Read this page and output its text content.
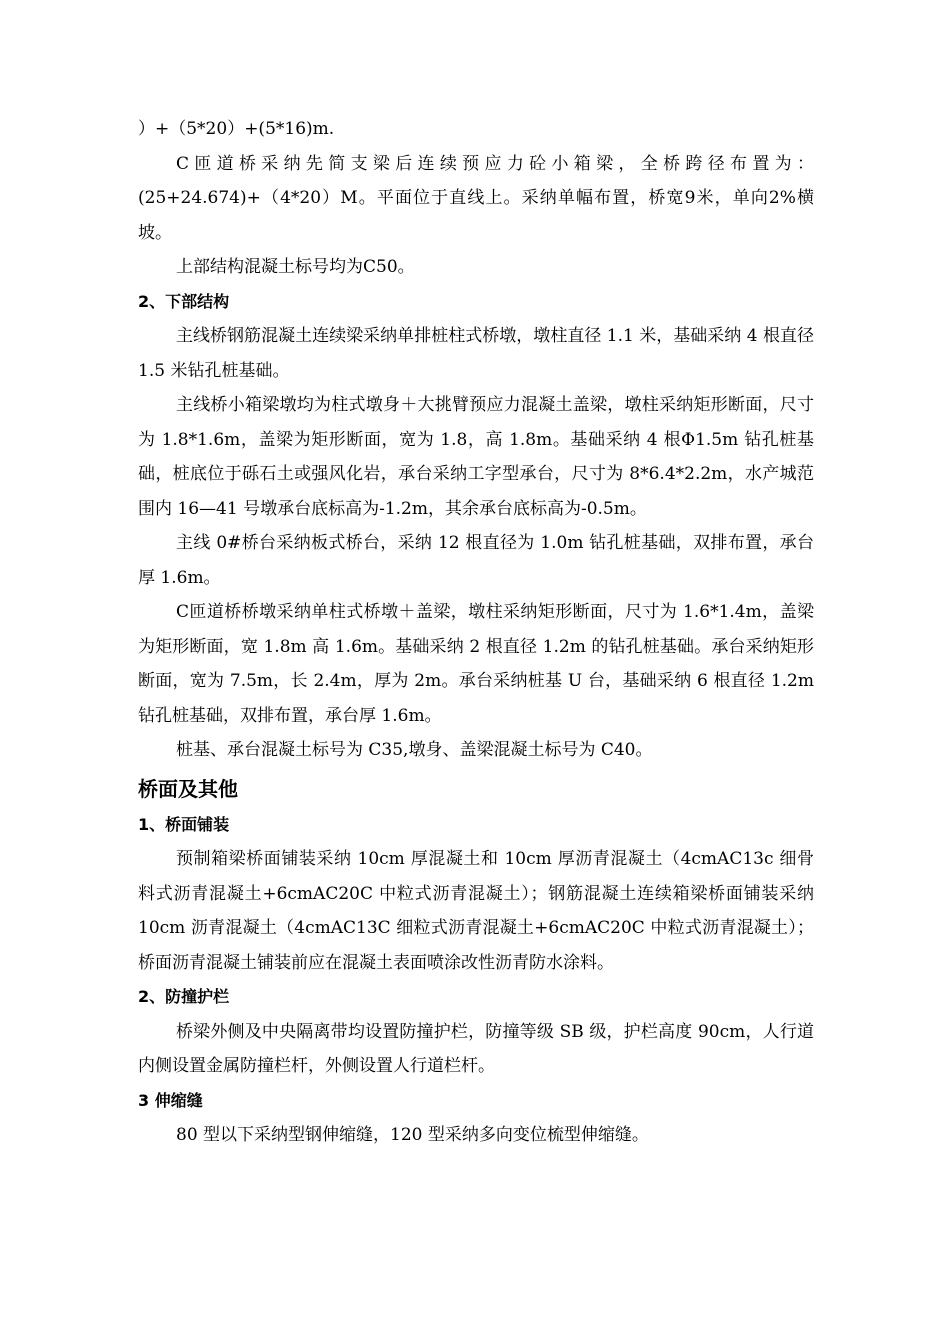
）+（5*20）+(5*16)m.
C匝道桥采纳先简支梁后连续预应力砼小箱梁，全桥跨径布置为：(25+24.674)+（4*20）M。平面位于直线上。采纳单幅布置，桥宽9米，单向2%横坡。
上部结构混凝土标号均为C50。
2、下部结构
主线桥钢筋混凝土连续梁采纳单排桩柱式桥墩，墩柱直径 1.1 米，基础采纳 4 根直径 1.5 米钻孔桩基础。
主线桥小箱梁墩均为柱式墩身＋大挑臂预应力混凝土盖梁，墩柱采纳矩形断面，尺寸为 1.8*1.6m，盖梁为矩形断面，宽为 1.8，高 1.8m。基础采纳 4 根Φ1.5m 钻孔桩基础，桩底位于砾石土或强风化岩，承台采纳工字型承台，尺寸为 8*6.4*2.2m，水产城范围内 16—41 号墩承台底标高为-1.2m，其余承台底标高为-0.5m。
主线 0#桥台采纳板式桥台，采纳 12 根直径为 1.0m 钻孔桩基础，双排布置，承台厚 1.6m。
C匝道桥桥墩采纳单柱式桥墩＋盖梁，墩柱采纳矩形断面，尺寸为 1.6*1.4m，盖梁为矩形断面，宽 1.8m 高 1.6m。基础采纳 2 根直径 1.2m 的钻孔桩基础。承台采纳矩形断面，宽为 7.5m，长 2.4m，厚为 2m。承台采纳桩基 U 台，基础采纳 6 根直径 1.2m 钻孔桩基础，双排布置，承台厚 1.6m。
桩基、承台混凝土标号为 C35,墩身、盖梁混凝土标号为 C40。
桥面及其他
1、桥面铺装
预制箱梁桥面铺装采纳 10cm 厚混凝土和 10cm 厚沥青混凝土（4cmAC13c 细骨料式沥青混凝土+6cmAC20C 中粒式沥青混凝土）；钢筋混凝土连续箱梁桥面铺装采纳 10cm 沥青混凝土（4cmAC13C 细粒式沥青混凝土+6cmAC20C 中粒式沥青混凝土）；桥面沥青混凝土铺装前应在混凝土表面喷涂改性沥青防水涂料。
2、防撞护栏
桥梁外侧及中央隔离带均设置防撞护栏，防撞等级 SB 级，护栏高度 90cm，人行道内侧设置金属防撞栏杆，外侧设置人行道栏杆。
3 伸缩缝
80 型以下采纳型钢伸缩缝，120 型采纳多向变位梳型伸缩缝。
